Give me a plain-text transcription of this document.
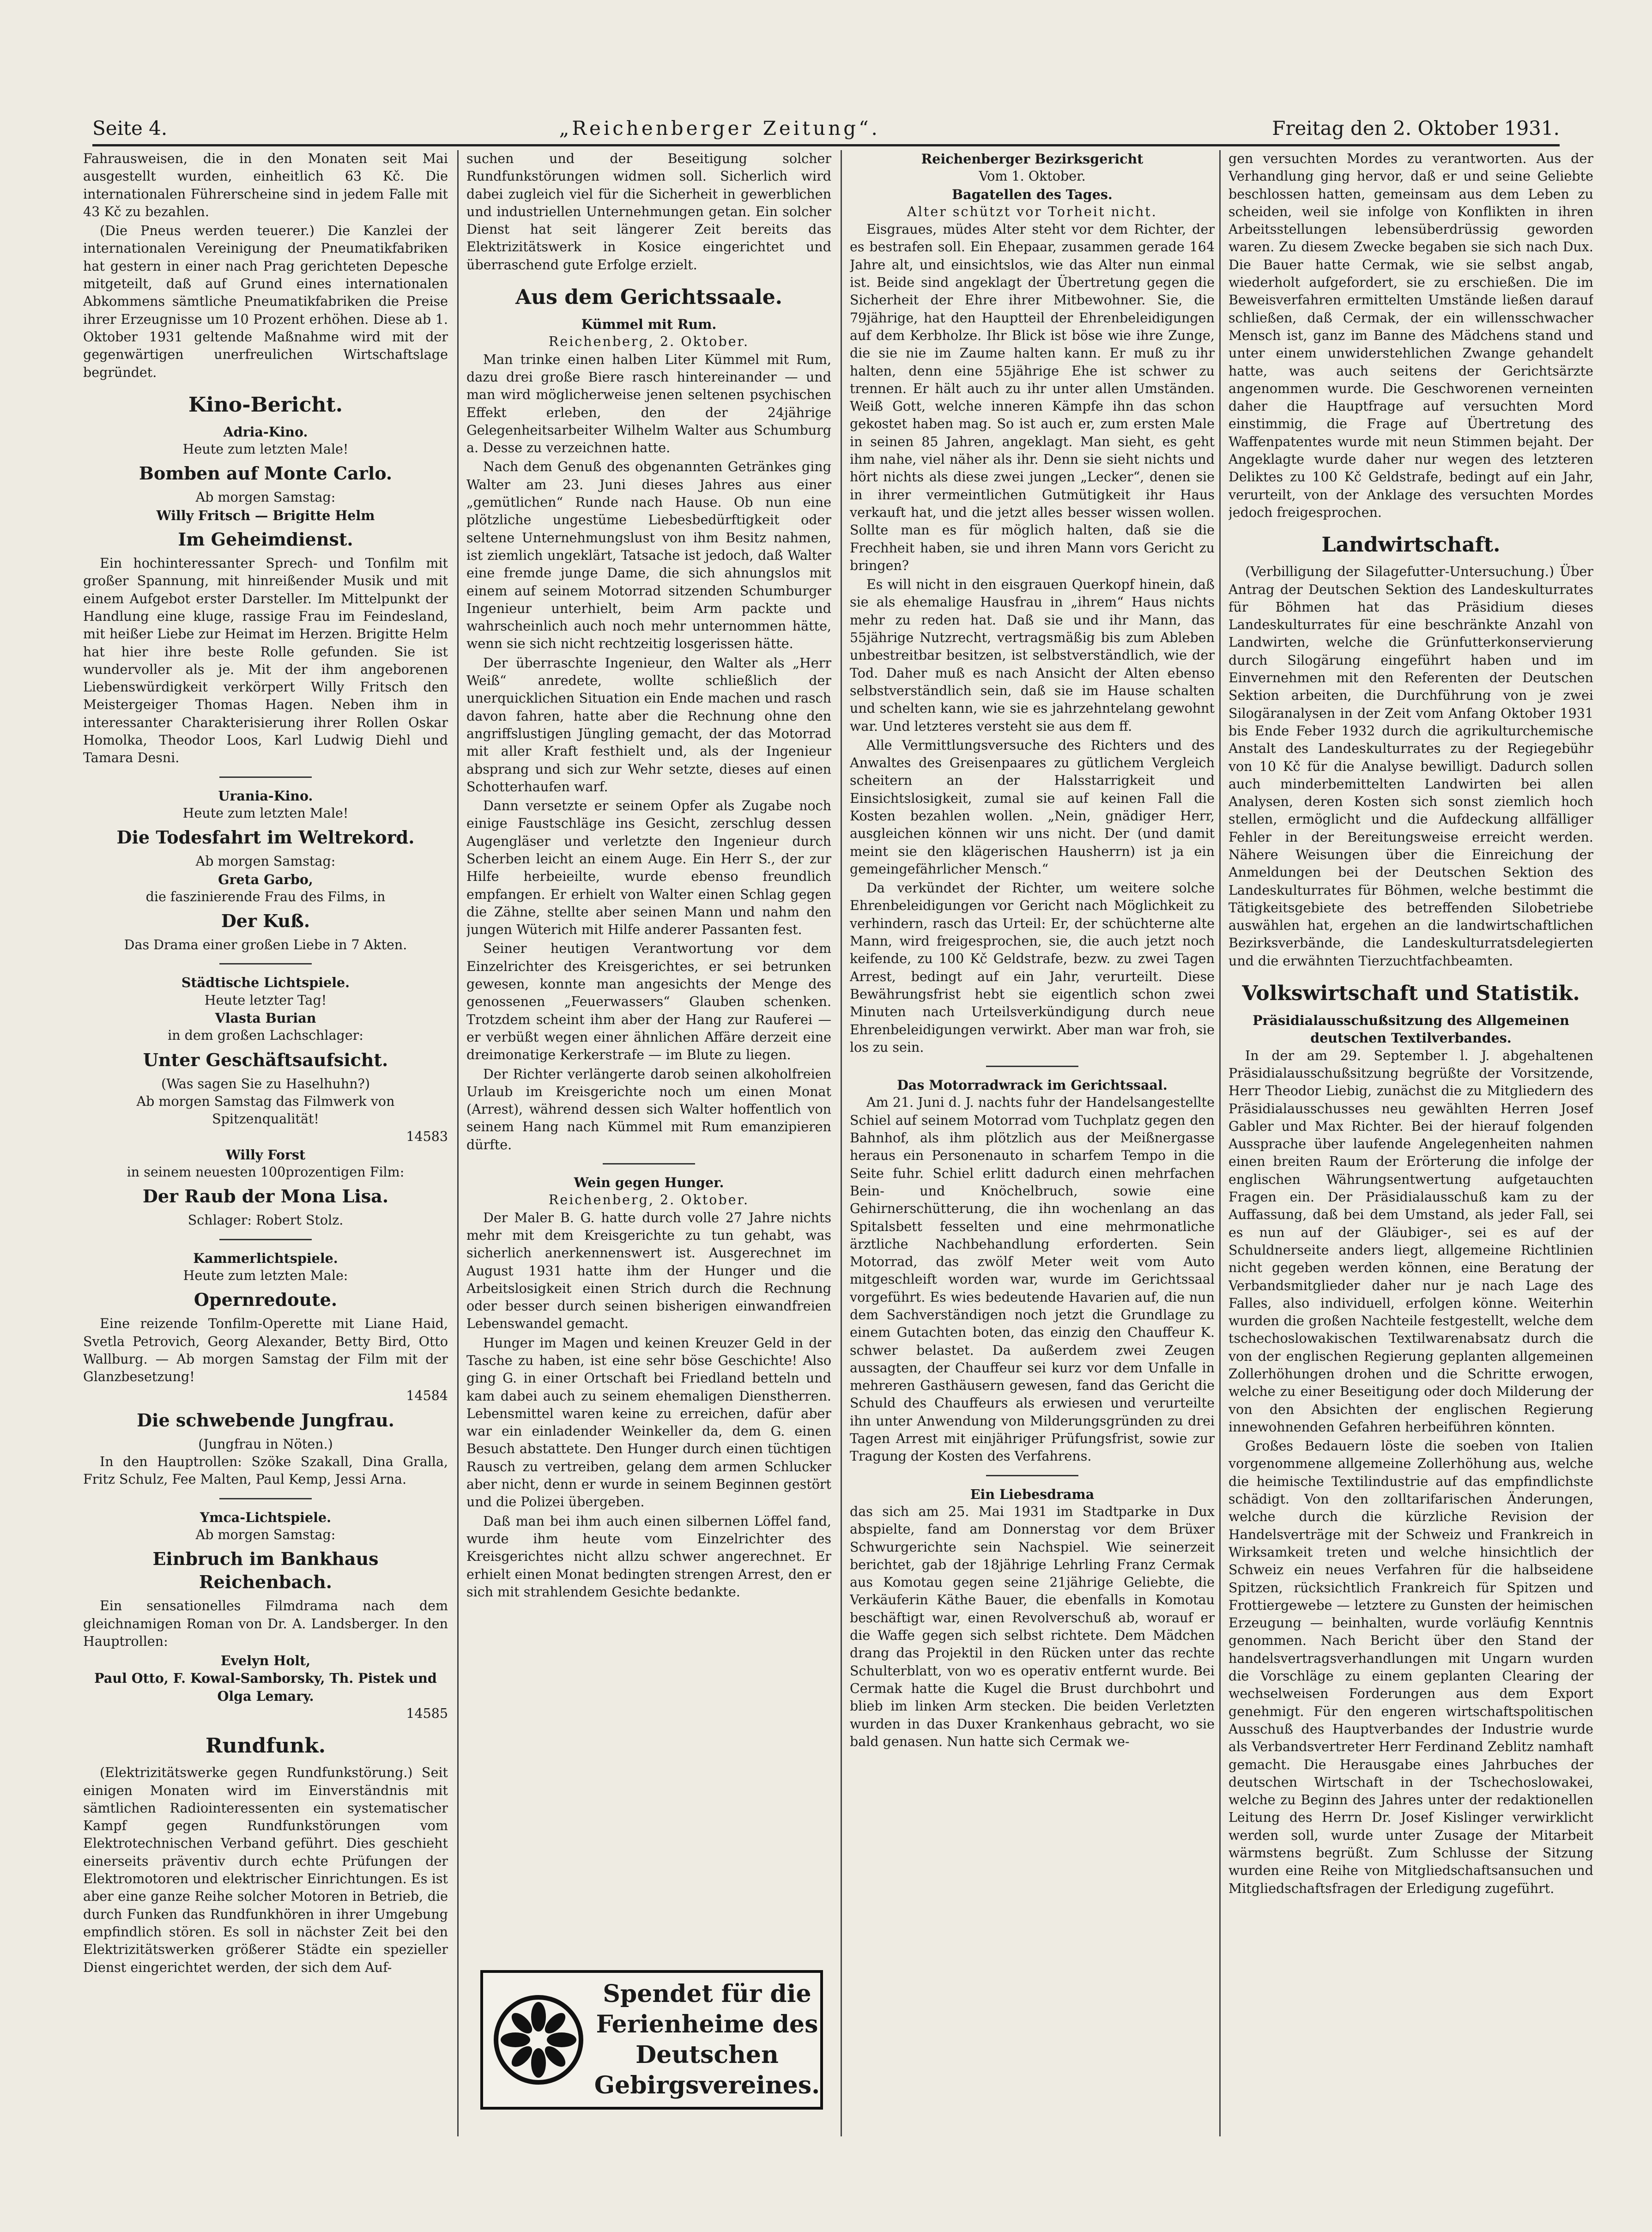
Seite 4.	„Reichenberger Zeitung“.	Freitag den 2. Oktober 1931.

Fahrausweisen, die in den Monaten seit Mai ausgestellt wurden, einheitlich 63 Kč. Die internationalen Führerscheine sind in jedem Falle mit 43 Kč zu bezahlen.

(Die Pneus werden teuerer.) Die Kanzlei der internationalen Vereinigung der Pneumatikfabriken hat gestern in einer nach Prag gerichteten Depesche mitgeteilt, daß auf Grund eines internationalen Abkommens sämtliche Pneumatikfabriken die Preise ihrer Erzeugnisse um 10 Prozent erhöhen. Diese ab 1. Oktober 1931 geltende Maßnahme wird mit der gegenwärtigen unerfreulichen Wirtschaftslage begründet.

Kino-Bericht.
Adria-Kino.
Heute zum letzten Male!
Bomben auf Monte Carlo.
Ab morgen Samstag:
Willy Fritsch — Brigitte Helm
Im Geheimdienst.

Ein hochinteressanter Sprech- und Tonfilm mit großer Spannung, mit hinreißender Musik und mit einem Aufgebot erster Darsteller. Im Mittelpunkt der Handlung eine kluge, rassige Frau im Feindesland, mit heißer Liebe zur Heimat im Herzen. Brigitte Helm hat hier ihre beste Rolle gefunden. Sie ist wundervoller als je. Mit der ihm angeborenen Liebenswürdigkeit verkörpert Willy Fritsch den Meistergeiger Thomas Hagen. Neben ihm in interessanter Charakterisierung ihrer Rollen Oskar Homolka, Theodor Loos, Karl Ludwig Diehl und Tamara Desni.

Urania-Kino.
Heute zum letzten Male!
Die Todesfahrt im Weltrekord.
Ab morgen Samstag:
Greta Garbo,
die faszinierende Frau des Films, in
Der Kuß.
Das Drama einer großen Liebe in 7 Akten.
Städtische Lichtspiele.
Heute letzter Tag!
Vlasta Burian
in dem großen Lachschlager:
Unter Geschäftsaufsicht.
(Was sagen Sie zu Haselhuhn?)
Ab morgen Samstag das Filmwerk von Spitzenqualität!
14583
Willy Forst
in seinem neuesten 100prozentigen Film:
Der Raub der Mona Lisa.
Schlager: Robert Stolz.
Kammerlichtspiele.
Heute zum letzten Male:
Opernredoute.

Eine reizende Tonfilm-Operette mit Liane Haid, Svetla Petrovich, Georg Alexander, Betty Bird, Otto Wallburg. — Ab morgen Samstag der Film mit der Glanzbesetzung!

14584
Die schwebende Jungfrau.
(Jungfrau in Nöten.)

In den Hauptrollen: Szöke Szakall, Dina Gralla, Fritz Schulz, Fee Malten, Paul Kemp, Jessi Arna.

Ymca-Lichtspiele.
Ab morgen Samstag:
Einbruch im Bankhaus Reichenbach.

Ein sensationelles Filmdrama nach dem gleichnamigen Roman von Dr. A. Landsberger. In den Hauptrollen:

Evelyn Holt,
Paul Otto, F. Kowal-Samborsky, Th. Pistek und Olga Lemary.
14585
Rundfunk.

(Elektrizitätswerke gegen Rundfunkstörung.) Seit einigen Monaten wird im Einverständnis mit sämtlichen Radiointeressenten ein systematischer Kampf gegen Rundfunkstörungen vom Elektrotechnischen Verband geführt. Dies geschieht einerseits präventiv durch echte Prüfungen der Elektromotoren und elektrischer Einrichtungen. Es ist aber eine ganze Reihe solcher Motoren in Betrieb, die durch Funken das Rundfunkhören in ihrer Umgebung empfindlich stören. Es soll in nächster Zeit bei den Elektrizitätswerken größerer Städte ein spezieller Dienst eingerichtet werden, der sich dem Auf-

suchen und der Beseitigung solcher Rundfunkstörungen widmen soll. Sicherlich wird dabei zugleich viel für die Sicherheit in gewerblichen und industriellen Unternehmungen getan. Ein solcher Dienst hat seit längerer Zeit bereits das Elektrizitätswerk in Kosice eingerichtet und überraschend gute Erfolge erzielt.

Aus dem Gerichtssaale.
Kümmel mit Rum.
Reichenberg, 2. Oktober.

Man trinke einen halben Liter Kümmel mit Rum, dazu drei große Biere rasch hintereinander — und man wird möglicherweise jenen seltenen psychischen Effekt erleben, den der 24jährige Gelegenheitsarbeiter Wilhelm Walter aus Schumburg a. Desse zu verzeichnen hatte.

Nach dem Genuß des obgenannten Getränkes ging Walter am 23. Juni dieses Jahres aus einer „gemütlichen“ Runde nach Hause. Ob nun eine plötzliche ungestüme Liebesbedürftigkeit oder seltene Unternehmungslust von ihm Besitz nahmen, ist ziemlich ungeklärt, Tatsache ist jedoch, daß Walter eine fremde junge Dame, die sich ahnungslos mit einem auf seinem Motorrad sitzenden Schumburger Ingenieur unterhielt, beim Arm packte und wahrscheinlich auch noch mehr unternommen hätte, wenn sie sich nicht rechtzeitig losgerissen hätte.

Der überraschte Ingenieur, den Walter als „Herr Weiß“ anredete, wollte schließlich der unerquicklichen Situation ein Ende machen und rasch davon fahren, hatte aber die Rechnung ohne den angriffslustigen Jüngling gemacht, der das Motorrad mit aller Kraft festhielt und, als der Ingenieur absprang und sich zur Wehr setzte, dieses auf einen Schotterhaufen warf.

Dann versetzte er seinem Opfer als Zugabe noch einige Faustschläge ins Gesicht, zerschlug dessen Augengläser und verletzte den Ingenieur durch Scherben leicht an einem Auge. Ein Herr S., der zur Hilfe herbeieilte, wurde ebenso freundlich empfangen. Er erhielt von Walter einen Schlag gegen die Zähne, stellte aber seinen Mann und nahm den jungen Wüterich mit Hilfe anderer Passanten fest.

Seiner heutigen Verantwortung vor dem Einzelrichter des Kreisgerichtes, er sei betrunken gewesen, konnte man angesichts der Menge des genossenen „Feuerwassers“ Glauben schenken. Trotzdem scheint ihm aber der Hang zur Rauferei — er verbüßt wegen einer ähnlichen Affäre derzeit eine dreimonatige Kerkerstrafe — im Blute zu liegen.

Der Richter verlängerte darob seinen alkoholfreien Urlaub im Kreisgerichte noch um einen Monat (Arrest), während dessen sich Walter hoffentlich von seinem Hang nach Kümmel mit Rum emanzipieren dürfte.

Wein gegen Hunger.
Reichenberg, 2. Oktober.

Der Maler B. G. hatte durch volle 27 Jahre nichts mehr mit dem Kreisgerichte zu tun gehabt, was sicherlich anerkennenswert ist. Ausgerechnet im August 1931 hatte ihm der Hunger und die Arbeitslosigkeit einen Strich durch die Rechnung oder besser durch seinen bisherigen einwandfreien Lebenswandel gemacht.

Hunger im Magen und keinen Kreuzer Geld in der Tasche zu haben, ist eine sehr böse Geschichte! Also ging G. in einer Ortschaft bei Friedland betteln und kam dabei auch zu seinem ehemaligen Dienstherren. Lebensmittel waren keine zu erreichen, dafür aber war ein einladender Weinkeller da, dem G. einen Besuch abstattete. Den Hunger durch einen tüchtigen Rausch zu vertreiben, gelang dem armen Schlucker aber nicht, denn er wurde in seinem Beginnen gestört und die Polizei übergeben.

Daß man bei ihm auch einen silbernen Löffel fand, wurde ihm heute vom Einzelrichter des Kreisgerichtes nicht allzu schwer angerechnet. Er erhielt einen Monat bedingten strengen Arrest, den er sich mit strahlendem Gesichte bedankte.

Spendet für die Ferienheime des Deutschen Gebirgsvereines.
Reichenberger Bezirksgericht
Vom 1. Oktober.
Bagatellen des Tages.
Alter schützt vor Torheit nicht.

Eisgraues, müdes Alter steht vor dem Richter, der es bestrafen soll. Ein Ehepaar, zusammen gerade 164 Jahre alt, und einsichtslos, wie das Alter nun einmal ist. Beide sind angeklagt der Übertretung gegen die Sicherheit der Ehre ihrer Mitbewohner. Sie, die 79jährige, hat den Hauptteil der Ehrenbeleidigungen auf dem Kerbholze. Ihr Blick ist böse wie ihre Zunge, die sie nie im Zaume halten kann. Er muß zu ihr halten, denn eine 55jährige Ehe ist schwer zu trennen. Er hält auch zu ihr unter allen Umständen. Weiß Gott, welche inneren Kämpfe ihn das schon gekostet haben mag. So ist auch er, zum ersten Male in seinen 85 Jahren, angeklagt. Man sieht, es geht ihm nahe, viel näher als ihr. Denn sie sieht nichts und hört nichts als diese zwei jungen „Lecker“, denen sie in ihrer vermeintlichen Gutmütigkeit ihr Haus verkauft hat, und die jetzt alles besser wissen wollen. Sollte man es für möglich halten, daß sie die Frechheit haben, sie und ihren Mann vors Gericht zu bringen?

Es will nicht in den eisgrauen Querkopf hinein, daß sie als ehemalige Hausfrau in „ihrem“ Haus nichts mehr zu reden hat. Daß sie und ihr Mann, das 55jährige Nutzrecht, vertragsmäßig bis zum Ableben unbestreitbar besitzen, ist selbstverständlich, wie der Tod. Daher muß es nach Ansicht der Alten ebenso selbstverständlich sein, daß sie im Hause schalten und schelten kann, wie sie es jahrzehntelang gewohnt war. Und letzteres versteht sie aus dem ff.

Alle Vermittlungsversuche des Richters und des Anwaltes des Greisenpaares zu gütlichem Vergleich scheitern an der Halsstarrigkeit und Einsichtslosigkeit, zumal sie auf keinen Fall die Kosten bezahlen wollen. „Nein, gnädiger Herr, ausgleichen können wir uns nicht. Der (und damit meint sie den klägerischen Hausherrn) ist ja ein gemeingefährlicher Mensch.“

Da verkündet der Richter, um weitere solche Ehrenbeleidigungen vor Gericht nach Möglichkeit zu verhindern, rasch das Urteil: Er, der schüchterne alte Mann, wird freigesprochen, sie, die auch jetzt noch keifende, zu 100 Kč Geldstrafe, bezw. zu zwei Tagen Arrest, bedingt auf ein Jahr, verurteilt. Diese Bewährungsfrist hebt sie eigentlich schon zwei Minuten nach Urteilsverkündigung durch neue Ehrenbeleidigungen verwirkt. Aber man war froh, sie los zu sein.

Das Motorradwrack im Gerichtssaal.

Am 21. Juni d. J. nachts fuhr der Handelsangestellte Schiel auf seinem Motorrad vom Tuchplatz gegen den Bahnhof, als ihm plötzlich aus der Meißnergasse heraus ein Personenauto in scharfem Tempo in die Seite fuhr. Schiel erlitt dadurch einen mehrfachen Bein- und Knöchelbruch, sowie eine Gehirnerschütterung, die ihn wochenlang an das Spitalsbett fesselten und eine mehrmonatliche ärztliche Nachbehandlung erforderten. Sein Motorrad, das zwölf Meter weit vom Auto mitgeschleift worden war, wurde im Gerichtssaal vorgeführt. Es wies bedeutende Havarien auf, die nun dem Sachverständigen noch jetzt die Grundlage zu einem Gutachten boten, das einzig den Chauffeur K. schwer belastet. Da außerdem zwei Zeugen aussagten, der Chauffeur sei kurz vor dem Unfalle in mehreren Gasthäusern gewesen, fand das Gericht die Schuld des Chauffeurs als erwiesen und verurteilte ihn unter Anwendung von Milderungsgründen zu drei Tagen Arrest mit einjähriger Prüfungsfrist, sowie zur Tragung der Kosten des Verfahrens.

Ein Liebesdrama

das sich am 25. Mai 1931 im Stadtparke in Dux abspielte, fand am Donnerstag vor dem Brüxer Schwurgerichte sein Nachspiel. Wie seinerzeit berichtet, gab der 18jährige Lehrling Franz Cermak aus Komotau gegen seine 21jährige Geliebte, die Verkäuferin Käthe Bauer, die ebenfalls in Komotau beschäftigt war, einen Revolverschuß ab, worauf er die Waffe gegen sich selbst richtete. Dem Mädchen drang das Projektil in den Rücken unter das rechte Schulterblatt, von wo es operativ entfernt wurde. Bei Cermak hatte die Kugel die Brust durchbohrt und blieb im linken Arm stecken. Die beiden Verletzten wurden in das Duxer Krankenhaus gebracht, wo sie bald genasen. Nun hatte sich Cermak we-

gen versuchten Mordes zu verantworten. Aus der Verhandlung ging hervor, daß er und seine Geliebte beschlossen hatten, gemeinsam aus dem Leben zu scheiden, weil sie infolge von Konflikten in ihren Arbeitsstellungen lebensüberdrüssig geworden waren. Zu diesem Zwecke begaben sie sich nach Dux. Die Bauer hatte Cermak, wie sie selbst angab, wiederholt aufgefordert, sie zu erschießen. Die im Beweisverfahren ermittelten Umstände ließen darauf schließen, daß Cermak, der ein willensschwacher Mensch ist, ganz im Banne des Mädchens stand und unter einem unwiderstehlichen Zwange gehandelt hatte, was auch seitens der Gerichtsärzte angenommen wurde. Die Geschworenen verneinten daher die Hauptfrage auf versuchten Mord einstimmig, die Frage auf Übertretung des Waffenpatentes wurde mit neun Stimmen bejaht. Der Angeklagte wurde daher nur wegen des letzteren Deliktes zu 100 Kč Geldstrafe, bedingt auf ein Jahr, verurteilt, von der Anklage des versuchten Mordes jedoch freigesprochen.

Landwirtschaft.

(Verbilligung der Silagefutter-Untersuchung.) Über Antrag der Deutschen Sektion des Landeskulturrates für Böhmen hat das Präsidium dieses Landeskulturrates für eine beschränkte Anzahl von Landwirten, welche die Grünfutterkonservierung durch Silogärung eingeführt haben und im Einvernehmen mit den Referenten der Deutschen Sektion arbeiten, die Durchführung von je zwei Silogäranalysen in der Zeit vom Anfang Oktober 1931 bis Ende Feber 1932 durch die agrikulturchemische Anstalt des Landeskulturrates zu der Regiegebühr von 10 Kč für die Analyse bewilligt. Dadurch sollen auch minderbemittelten Landwirten bei allen Analysen, deren Kosten sich sonst ziemlich hoch stellen, ermöglicht und die Aufdeckung allfälliger Fehler in der Bereitungsweise erreicht werden. Nähere Weisungen über die Einreichung der Anmeldungen bei der Deutschen Sektion des Landeskulturrates für Böhmen, welche bestimmt die Tätigkeitsgebiete des betreffenden Silobetriebe auswählen hat, ergehen an die landwirtschaftlichen Bezirksverbände, die Landeskulturratsdelegierten und die erwähnten Tierzuchtfachbeamten.

Volkswirtschaft und Statistik.
Präsidialausschußsitzung des Allgemeinen deutschen Textilverbandes.

In der am 29. September l. J. abgehaltenen Präsidialausschußsitzung begrüßte der Vorsitzende, Herr Theodor Liebig, zunächst die zu Mitgliedern des Präsidialausschusses neu gewählten Herren Josef Gabler und Max Richter. Bei der hierauf folgenden Aussprache über laufende Angelegenheiten nahmen einen breiten Raum der Erörterung die infolge der englischen Währungsentwertung aufgetauchten Fragen ein. Der Präsidialausschuß kam zu der Auffassung, daß bei dem Umstand, als jeder Fall, sei es nun auf der Gläubiger-, sei es auf der Schuldnerseite anders liegt, allgemeine Richtlinien nicht gegeben werden können, eine Beratung der Verbandsmitglieder daher nur je nach Lage des Falles, also individuell, erfolgen könne. Weiterhin wurden die großen Nachteile festgestellt, welche dem tschechoslowakischen Textilwarenabsatz durch die von der englischen Regierung geplanten allgemeinen Zollerhöhungen drohen und die Schritte erwogen, welche zu einer Beseitigung oder doch Milderung der von den Absichten der englischen Regierung innewohnenden Gefahren herbeiführen könnten.

Großes Bedauern löste die soeben von Italien vorgenommene allgemeine Zollerhöhung aus, welche die heimische Textilindustrie auf das empfindlichste schädigt. Von den zolltarifarischen Änderungen, welche durch die kürzliche Revision der Handelsverträge mit der Schweiz und Frankreich in Wirksamkeit treten und welche hinsichtlich der Schweiz ein neues Verfahren für die halbseidene Spitzen, rücksichtlich Frankreich für Spitzen und Frottiergewebe — letztere zu Gunsten der heimischen Erzeugung — beinhalten, wurde vorläufig Kenntnis genommen. Nach Bericht über den Stand der handelsvertragsverhandlungen mit Ungarn wurden die Vorschläge zu einem geplanten Clearing der wechselweisen Forderungen aus dem Export genehmigt. Für den engeren wirtschaftspolitischen Ausschuß des Hauptverbandes der Industrie wurde als Verbandsvertreter Herr Ferdinand Zeblitz namhaft gemacht. Die Herausgabe eines Jahrbuches der deutschen Wirtschaft in der Tschechoslowakei, welche zu Beginn des Jahres unter der redaktionellen Leitung des Herrn Dr. Josef Kislinger verwirklicht werden soll, wurde unter Zusage der Mitarbeit wärmstens begrüßt. Zum Schlusse der Sitzung wurden eine Reihe von Mitgliedschaftsansuchen und Mitgliedschaftsfragen der Erledigung zugeführt.
